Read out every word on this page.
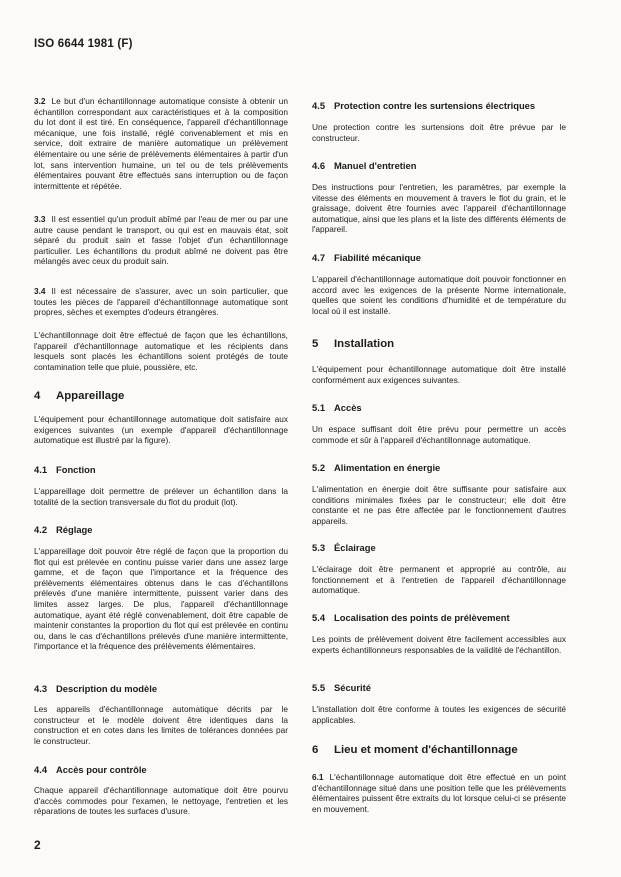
ISO 6644 1981 (F)

3.2 Le but d'un échantillonnage automatique consiste à obtenir un échantillon correspondant aux caractéristiques et à la composition du lot dont il est tiré. En conséquence, l'appareil d'échantillonnage mécanique, une fois installé, réglé convenablement et mis en service, doit extraire de manière automatique un prélèvement élémentaire ou une série de prélèvements élémentaires à partir d'un lot, sans intervention humaine, un tel ou de tels prélèvements élémentaires pouvant être effectués sans interruption ou de façon intermittente et répétée.

3.3 Il est essentiel qu'un produit abîmé par l'eau de mer ou par une autre cause pendant le transport, ou qui est en mauvais état, soit séparé du produit sain et fasse l'objet d'un échantillonnage particulier. Les échantillons du produit abîmé ne doivent pas être mélangés avec ceux du produit sain.

3.4 Il est nécessaire de s'assurer, avec un soin particulier, que toutes les pièces de l'appareil d'échantillonnage automatique sont propres, sèches et exemptes d'odeurs étrangères.

L'échantillonnage doit être effectué de façon que les échantillons, l'appareil d'échantillonnage automatique et les récipients dans lesquels sont placés les échantillons soient protégés de toute contamination telle que pluie, poussière, etc.

4 Appareillage

L'équipement pour échantillonnage automatique doit satisfaire aux exigences suivantes (un exemple d'appareil d'échantillonnage automatique est illustré par la figure).

4.1 Fonction

L'appareillage doit permettre de prélever un échantillon dans la totalité de la section transversale du flot du produit (lot).

4.2 Réglage

L'appareillage doit pouvoir être réglé de façon que la proportion du flot qui est prélevée en continu puisse varier dans une assez large gamme, et de façon que l'importance et la fréquence des prélèvements élémentaires obtenus dans le cas d'échantillons prélevés d'une manière intermittente, puissent varier dans des limites assez larges. De plus, l'appareil d'échantillonnage automatique, ayant été réglé convenablement, doit être capable de maintenir constantes la proportion du flot qui est prélevée en continu ou, dans le cas d'échantillons prélevés d'une manière intermittente, l'importance et la fréquence des prélèvements élémentaires.

4.3 Description du modèle

Les appareils d'échantillonnage automatique décrits par le constructeur et le modèle doivent être identiques dans la construction et en cotes dans les limites de tolérances données par le constructeur.

4.4 Accès pour contrôle

Chaque appareil d'échantillonnage automatique doit être pourvu d'accès commodes pour l'examen, le nettoyage, l'entretien et les réparations de toutes les surfaces d'usure.

4.5 Protection contre les surtensions électriques

Une protection contre les surtensions doit être prévue par le constructeur.

4.6 Manuel d'entretien

Des instructions pour l'entretien, les paramètres, par exemple la vitesse des éléments en mouvement à travers le flot du grain, et le graissage, doivent être fournies avec l'appareil d'échantillonnage automatique, ainsi que les plans et la liste des différents éléments de l'appareil.

4.7 Fiabilité mécanique

L'appareil d'échantillonnage automatique doit pouvoir fonctionner en accord avec les exigences de la présente Norme internationale, quelles que soient les conditions d'humidité et de température du local où il est installé.

5 Installation

L'équipement pour échantillonnage automatique doit être installé conformément aux exigences suivantes.

5.1 Accès

Un espace suffisant doit être prévu pour permettre un accès commode et sûr à l'appareil d'échantillonnage automatique.

5.2 Alimentation en énergie

L'alimentation en énergie doit être suffisante pour satisfaire aux conditions minimales fixées par le constructeur; elle doit être constante et ne pas être affectée par le fonctionnement d'autres appareils.

5.3 Éclairage

L'éclairage doit être permanent et approprié au contrôle, au fonctionnement et à l'entretien de l'appareil d'échantillonnage automatique.

5.4 Localisation des points de prélèvement

Les points de prélèvement doivent être facilement accessibles aux experts échantillonneurs responsables de la validité de l'échantillon.

5.5 Sécurité

L'installation doit être conforme à toutes les exigences de sécurité applicables.

6 Lieu et moment d'échantillonnage

6.1 L'échantillonnage automatique doit être effectué en un point d'échantillonnage situé dans une position telle que les prélèvements élémentaires puissent être extraits du lot lorsque celui-ci se présente en mouvement.

2
